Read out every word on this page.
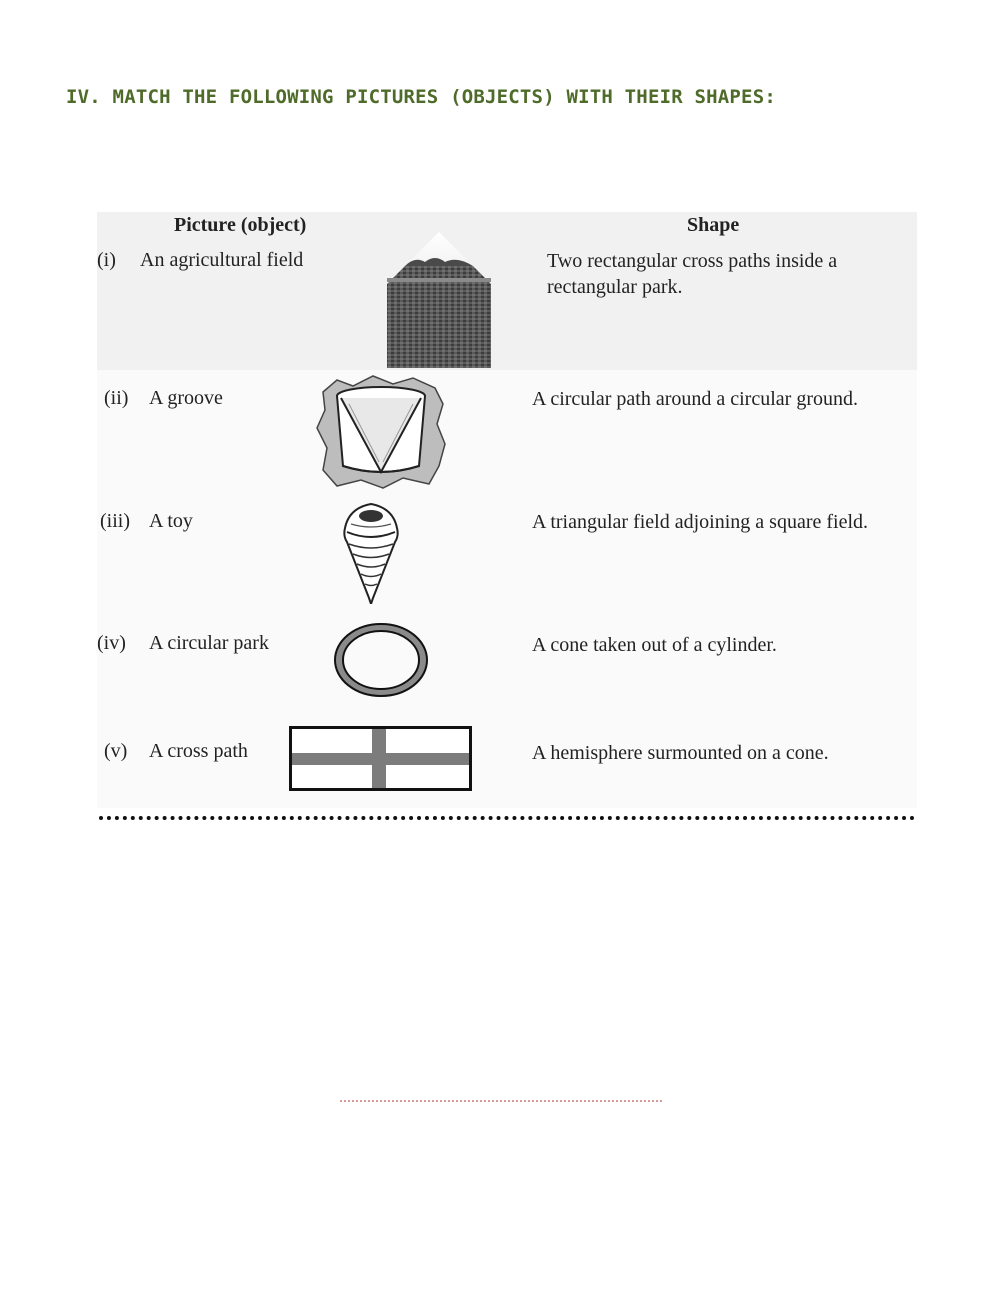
IV. MATCH THE FOLLOWING PICTURES (OBJECTS) WITH THEIR SHAPES:
Picture (object)	Shape
(i) An agricultural field	Two rectangular cross paths inside a
rectangular park.
(ii) A groove	A circular path around a circular ground.
(iii) A toy	A triangular field adjoining a square field.
(iv) A circular park	A cone taken out of a cylinder.
(v) A cross path	A hemisphere surmounted on a cone.
